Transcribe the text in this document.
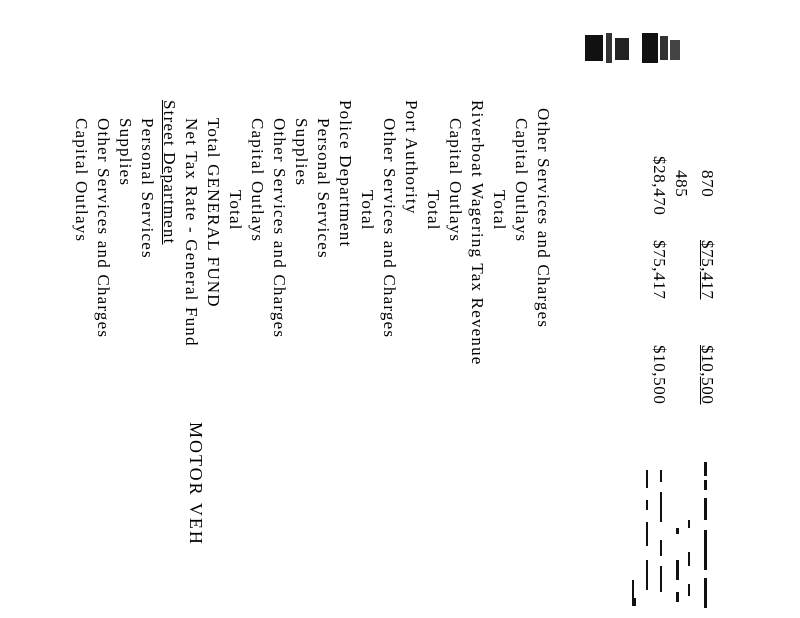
870
485
$28,470
$75,417
$75,417
$10,500
$10,500
Other Services and Charges
Capital Outlays
Total
Riverboat Wagering Tax Revenue
Capital Outlays
Total
Port Authority
Other Services and Charges
Total
Police Department
Personal Services
Supplies
Other Services and Charges
Capital Outlays
Total
Total GENERAL FUND
Net Tax Rate - General Fund
MOTOR VEH
Street Department
Personal Services
Supplies
Other Services and Charges
Capital Outlays
